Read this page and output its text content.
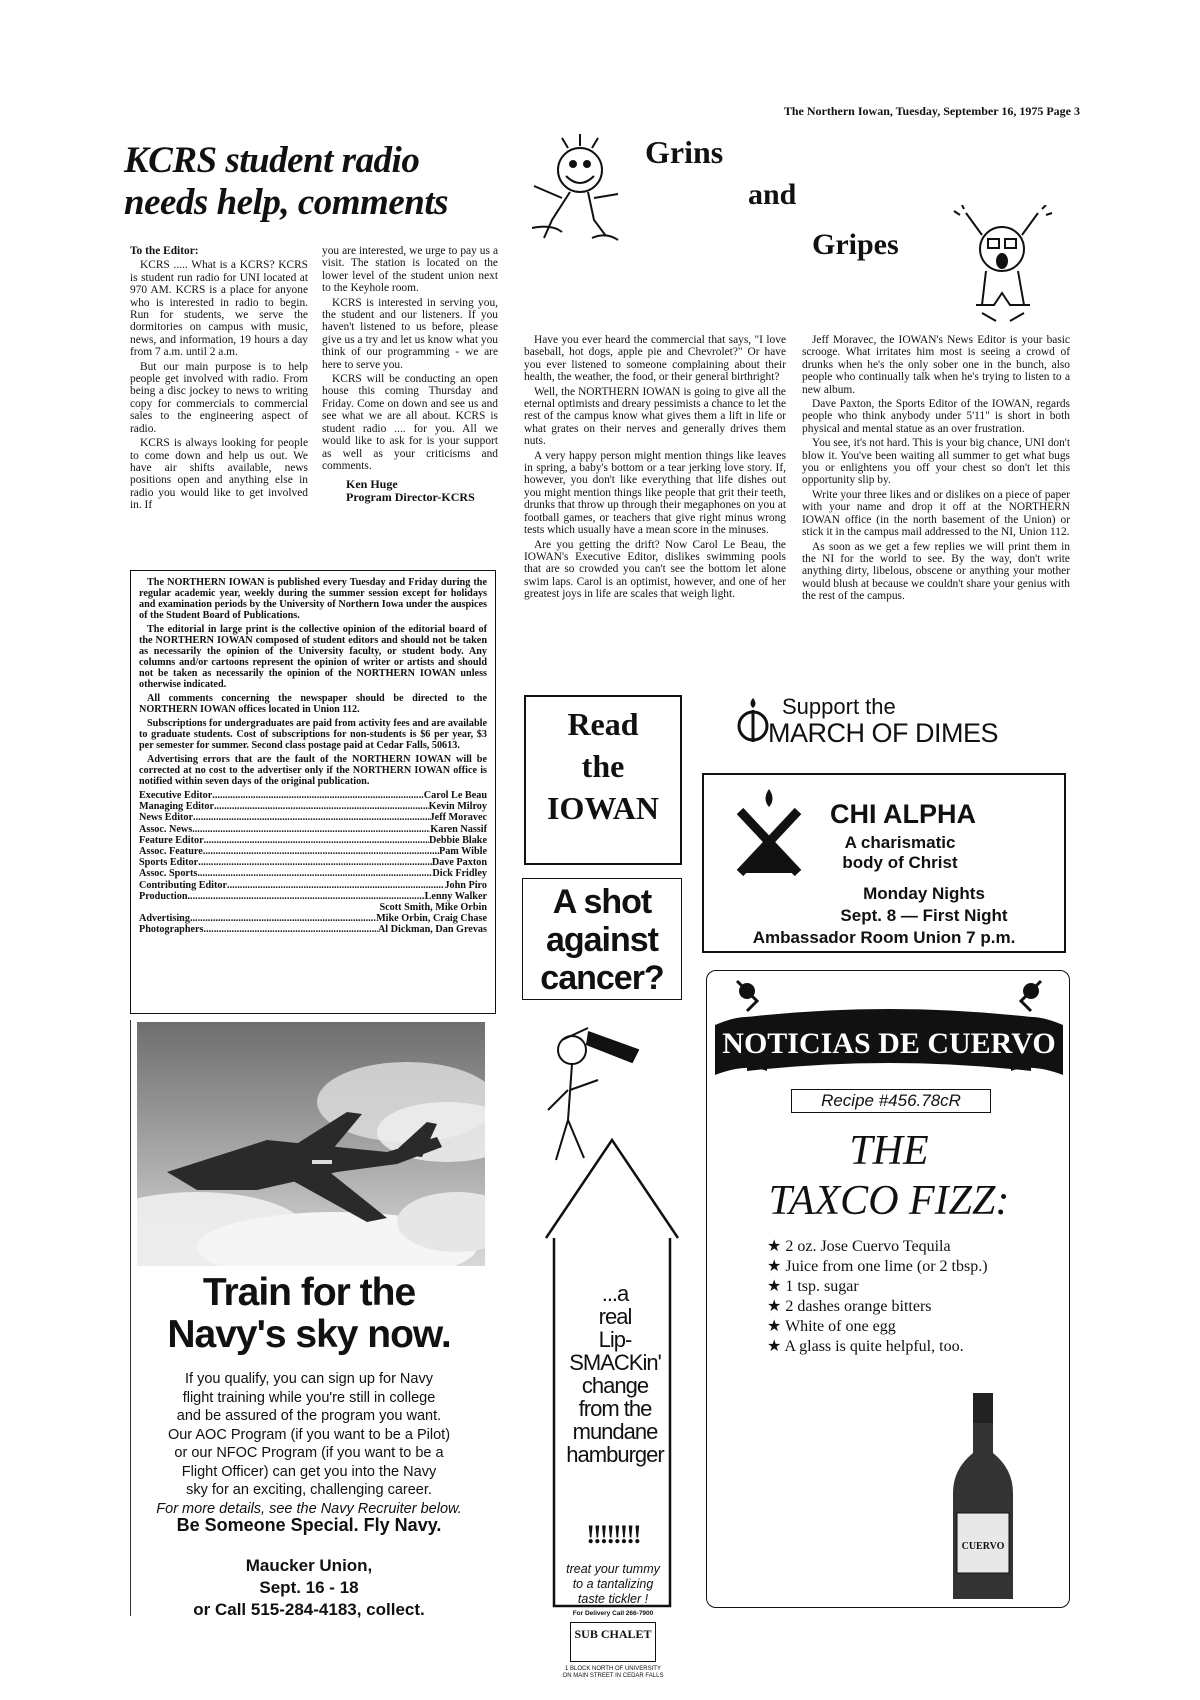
The Northern Iowan, Tuesday, September 16, 1975 Page 3
KCRS student radio
needs help, comments

To the Editor:

KCRS ..... What is a KCRS? KCRS is student run radio for UNI located at 970 AM. KCRS is a place for anyone who is interested in radio to begin. Run for students, we serve the dormitories on campus with music, news, and information, 19 hours a day from 7 a.m. until 2 a.m.

But our main purpose is to help people get involved with radio. From being a disc jockey to news to writing copy for commercials to commercial sales to the engineering aspect of radio.

KCRS is always looking for people to come down and help us out. We have air shifts available, news positions open and anything else in radio you would like to get involved in. If

you are interested, we urge to pay us a visit. The station is located on the lower level of the student union next to the Keyhole room.

KCRS is interested in serving you, the student and our listeners. If you haven't listened to us before, please give us a try and let us know what you think of our programming - we are here to serve you.

KCRS will be conducting an open house this coming Thursday and Friday. Come on down and see us and see what we are all about. KCRS is student radio .... for you. All we would like to ask for is your support as well as your criticisms and comments.

Ken Huge
Program Director-KCRS

The NORTHERN IOWAN is published every Tuesday and Friday during the regular academic year, weekly during the summer session except for holidays and examination periods by the University of Northern Iowa under the auspices of the Student Board of Publications.

The editorial in large print is the collective opinion of the editorial board of the NORTHERN IOWAN composed of student editors and should not be taken as necessarily the opinion of the University faculty, or student body. Any columns and/or cartoons represent the opinion of writer or artists and should not be taken as necessarily the opinion of the NORTHERN IOWAN unless otherwise indicated.

All comments concerning the newspaper should be directed to the NORTHERN IOWAN offices located in Union 112.

Subscriptions for undergraduates are paid from activity fees and are available to graduate students. Cost of subscriptions for non-students is $6 per year, $3 per semester for summer. Second class postage paid at Cedar Falls, 50613.

Advertising errors that are the fault of the NORTHERN IOWAN will be corrected at no cost to the advertiser only if the NORTHERN IOWAN office is notified within seven days of the original publication.

Executive Editor .....	Carol Le Beau
Managing Editor .....	Kevin Milroy
News Editor .....	Jeff Moravec
Assoc. News .....	Karen Nassif
Feature Editor .....	Debbie Blake
Assoc. Feature .....	Pam Wible
Sports Editor .....	Dave Paxton
Assoc. Sports .....	Dick Fridley
Contributing Editor .....	John Piro
Production .....	Lenny Walker
Scott Smith, Mike Orbin
Advertising .....	Mike Orbin, Craig Chase
Photographers .....	Al Dickman, Dan Grevas
Train for the
Navy's sky now.
If you qualify, you can sign up for Navy
flight training while you're still in college
and be assured of the program you want.
Our AOC Program (if you want to be a Pilot)
or our NFOC Program (if you want to be a
Flight Officer) can get you into the Navy
sky for an exciting, challenging career.
For more details, see the Navy Recruiter below.
Be Someone Special. Fly Navy.
Maucker Union,
Sept. 16 - 18
or Call 515-284-4183, collect.
Grins
and
Gripes

Have you ever heard the commercial that says, "I love baseball, hot dogs, apple pie and Chevrolet?" Or have you ever listened to someone complaining about their health, the weather, the food, or their general birthright?

Well, the NORTHERN IOWAN is going to give all the eternal optimists and dreary pessimists a chance to let the rest of the campus know what gives them a lift in life or what grates on their nerves and generally drives them nuts.

A very happy person might mention things like leaves in spring, a baby's bottom or a tear jerking love story. If, however, you don't like everything that life dishes out you might mention things like people that grit their teeth, drunks that throw up through their megaphones on you at football games, or teachers that give right minus wrong tests which usually have a mean score in the minuses.

Are you getting the drift? Now Carol Le Beau, the IOWAN's Executive Editor, dislikes swimming pools that are so crowded you can't see the bottom let alone swim laps. Carol is an optimist, however, and one of her greatest joys in life are scales that weigh light.

Jeff Moravec, the IOWAN's News Editor is your basic scrooge. What irritates him most is seeing a crowd of drunks when he's the only sober one in the bunch, also people who continually talk when he's trying to listen to a new album.

Dave Paxton, the Sports Editor of the IOWAN, regards people who think anybody under 5'11" is short in both physical and mental statue as an over frustration.

You see, it's not hard. This is your big chance, UNI don't blow it. You've been waiting all summer to get what bugs you or enlightens you off your chest so don't let this opportunity slip by.

Write your three likes and or dislikes on a piece of paper with your name and drop it off at the NORTHERN IOWAN office (in the north basement of the Union) or stick it in the campus mail addressed to the NI, Union 112.

As soon as we get a few replies we will print them in the NI for the world to see. By the way, don't write anything dirty, libelous, obscene or anything your mother would blush at because we couldn't share your genius with the rest of the campus.

Read
the
IOWAN
A shot
against
cancer?
Support the
MARCH OF DIMES
CHI ALPHA
A charismatic
body of Christ
Monday Nights
Sept. 8 — First Night
Ambassador Room Union 7 p.m.
...a
real
Lip-
SMACKin'
change
from the
mundane
hamburger
!!!!!!!!
treat your tummy
to a tantalizing
taste tickler !
For Delivery Call 266-7900
SUB CHALET
1 BLOCK NORTH OF UNIVERSITY
ON MAIN STREET IN CEDAR FALLS
NOTICIAS DE CUERVO
Recipe #456.78cR
THE
TAXCO FIZZ:
★ 2 oz. Jose Cuervo Tequila
★ Juice from one lime (or 2 tbsp.)
★ 1 tsp. sugar
★ 2 dashes orange bitters
★ White of one egg
★ A glass is quite helpful, too.
CUERVO
